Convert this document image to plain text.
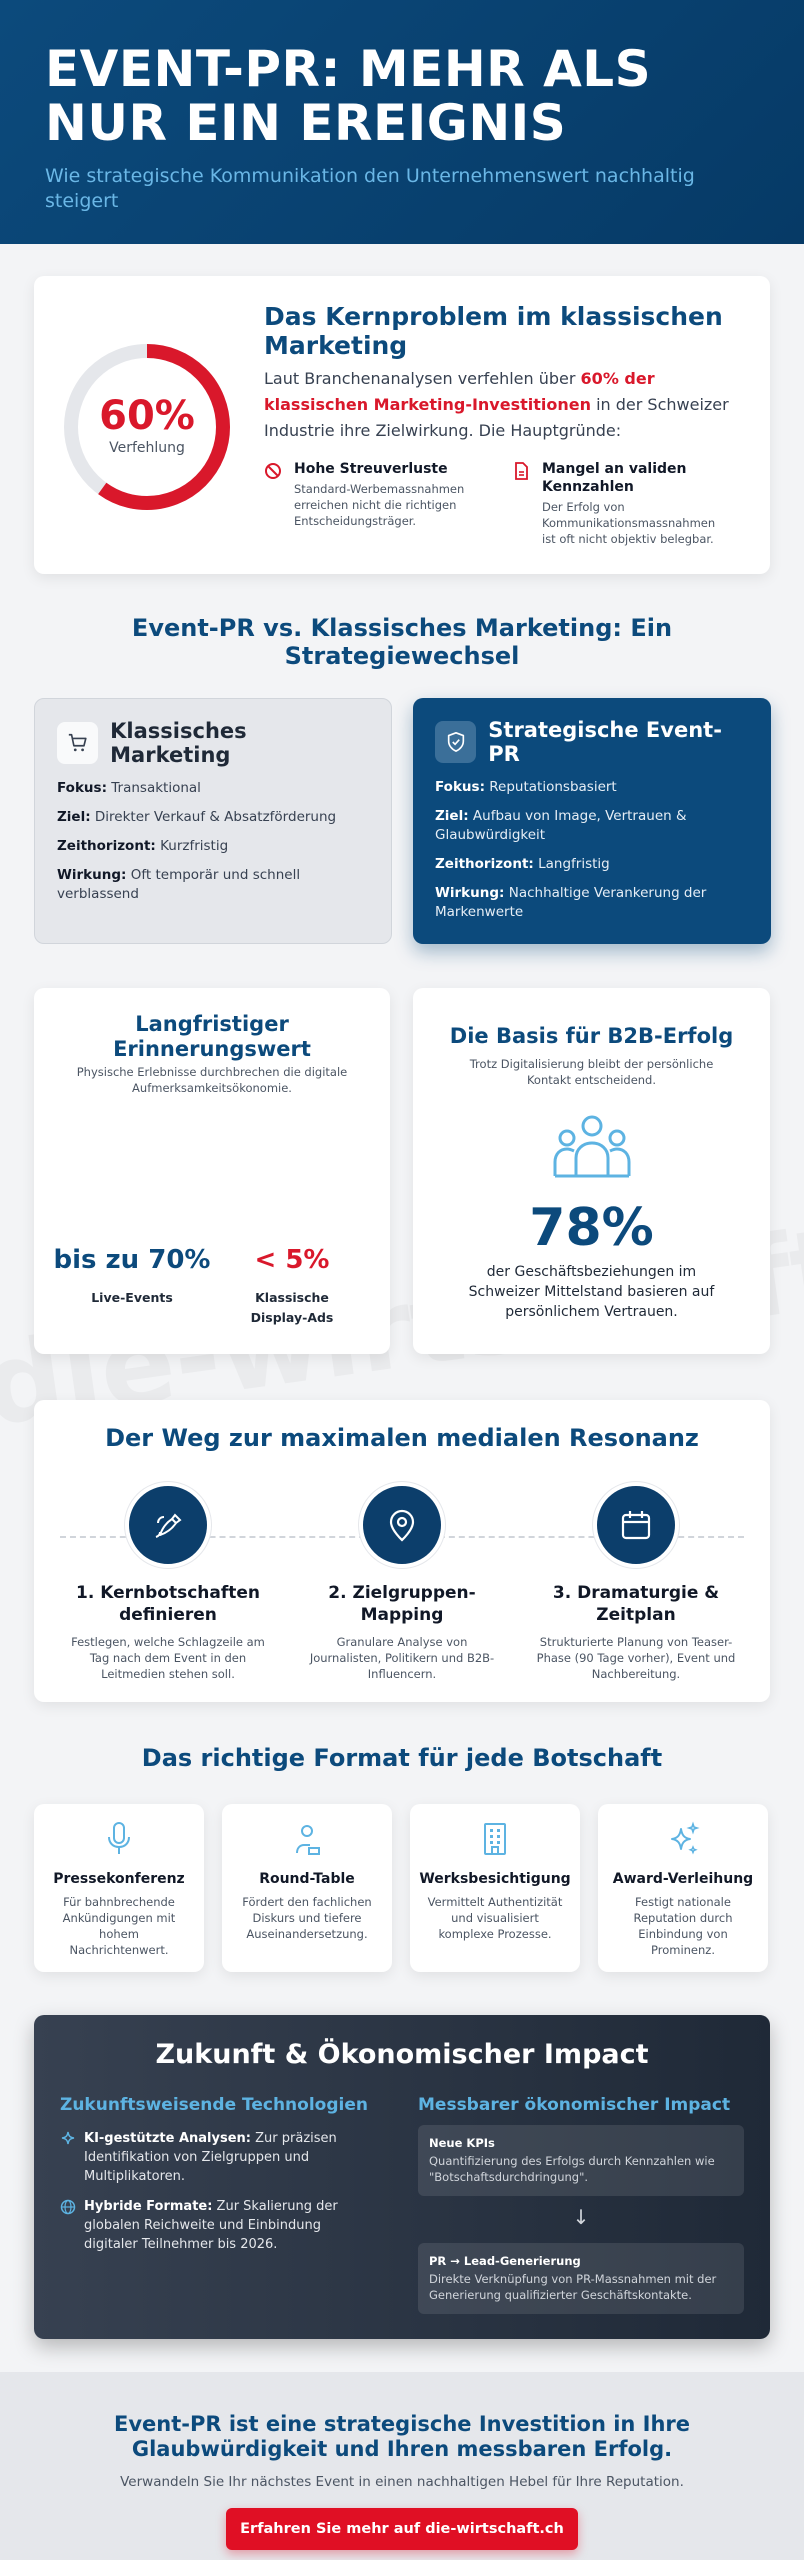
EVENT-PR: MEHR ALS NUR EIN EREIGNIS

Wie strategische Kommunikation den Unternehmenswert nachhaltig steigert

60%
Verfehlung
Das Kernproblem im klassischen Marketing

Laut Branchenanalysen verfehlen über 60% der klassischen Marketing-Investitionen in der Schweizer Industrie ihre Zielwirkung. Die Hauptgründe:

Hohe Streuverluste

Standard-Werbemassnahmen erreichen nicht die richtigen Entscheidungsträger.

Mangel an validen Kennzahlen

Der Erfolg von Kommunikationsmassnahmen ist oft nicht objektiv belegbar.

Event-PR vs. Klassisches Marketing: Ein Strategiewechsel
Klassisches Marketing
Fokus: Transaktional
Ziel: Direkter Verkauf & Absatzförderung
Zeithorizont: Kurzfristig
Wirkung: Oft temporär und schnell verblassend
Strategische Event-PR
Fokus: Reputationsbasiert
Ziel: Aufbau von Image, Vertrauen & Glaubwürdigkeit
Zeithorizont: Langfristig
Wirkung: Nachhaltige Verankerung der Markenwerte
Langfristiger Erinnerungswert

Physische Erlebnisse durchbrechen die digitale Aufmerksamkeitsökonomie.

bis zu 70%
Live-Events
< 5%
Klassische Display-Ads
Die Basis für B2B-Erfolg

Trotz Digitalisierung bleibt der persönliche Kontakt entscheidend.

78%

der Geschäftsbeziehungen im Schweizer Mittelstand basieren auf persönlichem Vertrauen.

Der Weg zur maximalen medialen Resonanz
1. Kernbotschaften definieren

Festlegen, welche Schlagzeile am Tag nach dem Event in den Leitmedien stehen soll.

2. Zielgruppen-Mapping

Granulare Analyse von Journalisten, Politikern und B2B-Influencern.

3. Dramaturgie & Zeitplan

Strukturierte Planung von Teaser-Phase (90 Tage vorher), Event und Nachbereitung.

Das richtige Format für jede Botschaft
Pressekonferenz

Für bahnbrechende Ankündigungen mit hohem Nachrichtenwert.

Round-Table

Fördert den fachlichen Diskurs und tiefere Auseinandersetzung.

Werksbesichtigung

Vermittelt Authentizität und visualisiert komplexe Prozesse.

Award-Verleihung

Festigt nationale Reputation durch Einbindung von Prominenz.

Zukunft & Ökonomischer Impact
Zukunftsweisende Technologien	Messbarer ökonomischer Impact

KI-gestützte Analysen: Zur präzisen Identifikation von Zielgruppen und Multiplikatoren.

Hybride Formate: Zur Skalierung der globalen Reichweite und Einbindung digitaler Teilnehmer bis 2026.

Neue KPIs

Quantifizierung des Erfolgs durch Kennzahlen wie "Botschaftsdurchdringung".

↓
PR → Lead-Generierung

Direkte Verknüpfung von PR-Massnahmen mit der Generierung qualifizierter Geschäftskontakte.

Event-PR ist eine strategische Investition in Ihre Glaubwürdigkeit und Ihren messbaren Erfolg.

Verwandeln Sie Ihr nächstes Event in einen nachhaltigen Hebel für Ihre Reputation.

Erfahren Sie mehr auf die-wirtschaft.ch
